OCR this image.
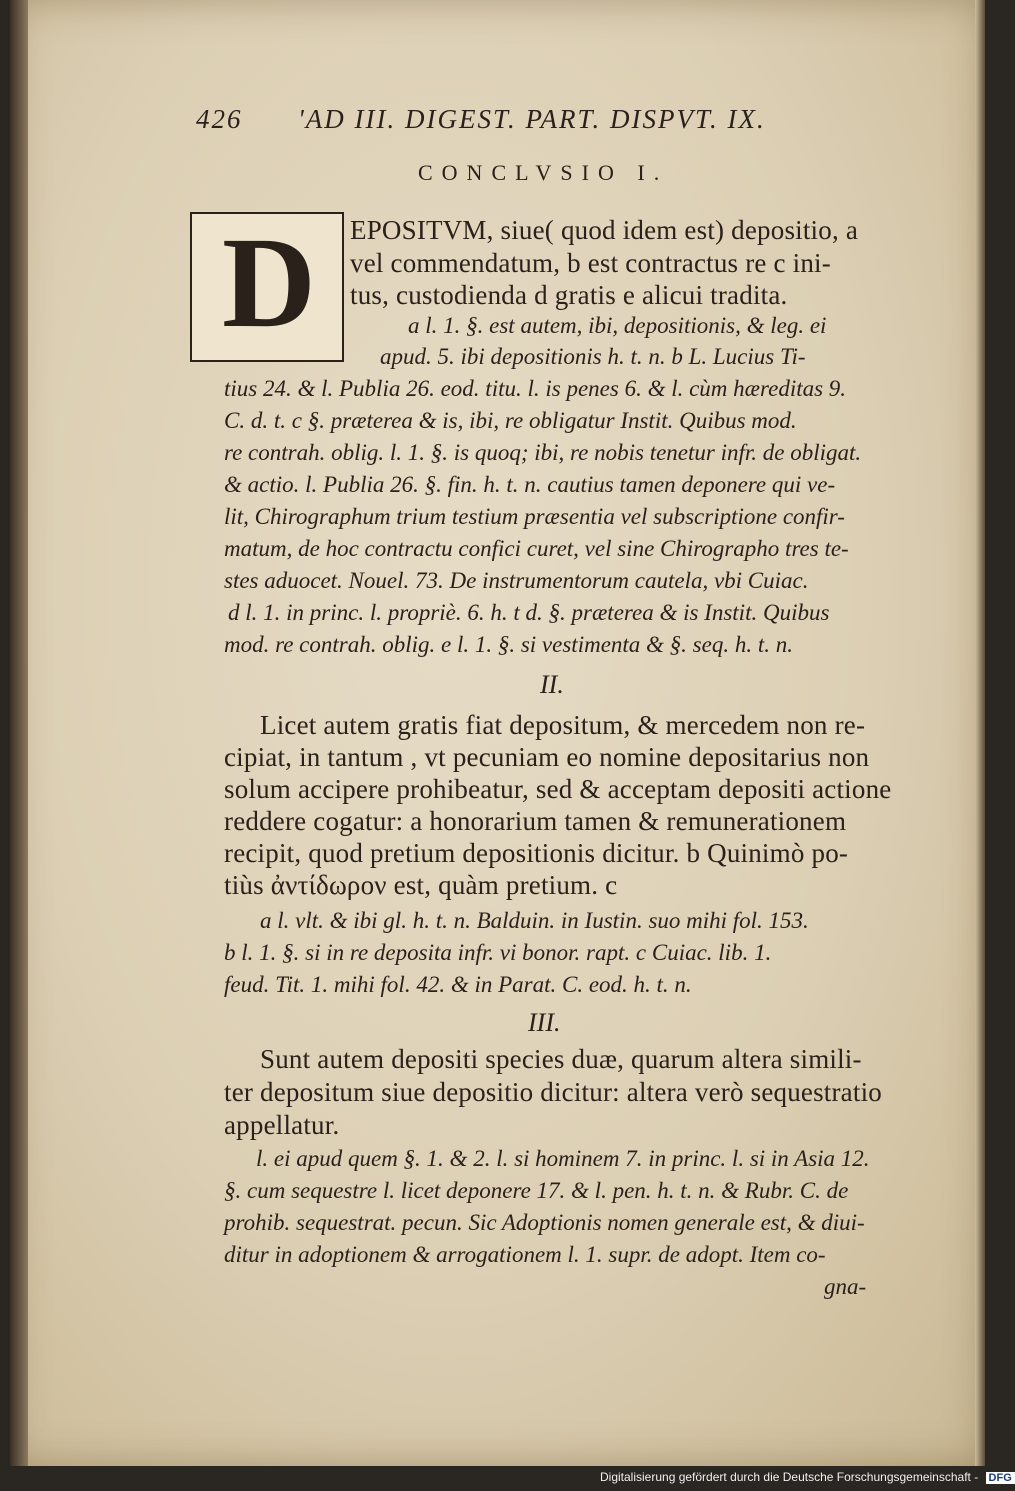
426 'AD III. DIGEST. PART. DISPVT. IX.
CONCLVSIO I.
D EPOSITVM, siue( quod idem est) depositio, a
vel commendatum, b est contractus re c ini-
tus, custodienda d gratis e alicui tradita.
a l. 1. §. est autem, ibi, depositionis, & leg. ei
apud. 5. ibi depositionis h. t. n. b L. Lucius Ti-
tius 24. & l. Publia 26. eod. titu. l. is penes 6. & l. cùm hæreditas 9.
C. d. t. c §. præterea & is, ibi, re obligatur Instit. Quibus mod.
re contrah. oblig. l. 1. §. is quoq; ibi, re nobis tenetur infr. de obligat.
& actio. l. Publia 26. §. fin. h. t. n. cautius tamen deponere qui ve-
lit, Chirographum trium testium præsentia vel subscriptione confir-
matum, de hoc contractu confici curet, vel sine Chirographo tres te-
stes aduocet. Nouel. 73. De instrumentorum cautela, vbi Cuiac.
d l. 1. in princ. l. propriè. 6. h. t d. §. præterea & is Instit. Quibus
mod. re contrah. oblig. e l. 1. §. si vestimenta & §. seq. h. t. n.
II.
Licet autem gratis fiat depositum, & mercedem non re-
cipiat, in tantum , vt pecuniam eo nomine depositarius non
solum accipere prohibeatur, sed & acceptam depositi actione
reddere cogatur: a honorarium tamen & remunerationem
recipit, quod pretium depositionis dicitur. b Quinimò po-
tiùs ἀντίδωρον est, quàm pretium. c
a l. vlt. & ibi gl. h. t. n. Balduin. in Iustin. suo mihi fol. 153.
b l. 1. §. si in re deposita infr. vi bonor. rapt. c Cuiac. lib. 1.
feud. Tit. 1. mihi fol. 42. & in Parat. C. eod. h. t. n.
III.
Sunt autem depositi species duæ, quarum altera simili-
ter depositum siue depositio dicitur: altera verò sequestratio
appellatur.
l. ei apud quem §. 1. & 2. l. si hominem 7. in princ. l. si in Asia 12.
§. cum sequestre l. licet deponere 17. & l. pen. h. t. n. & Rubr. C. de
prohib. sequestrat. pecun. Sic Adoptionis nomen generale est, & diui-
ditur in adoptionem & arrogationem l. 1. supr. de adopt. Item co-
gna-
Digitalisierung gefördert durch die Deutsche Forschungsgemeinschaft - DFG
